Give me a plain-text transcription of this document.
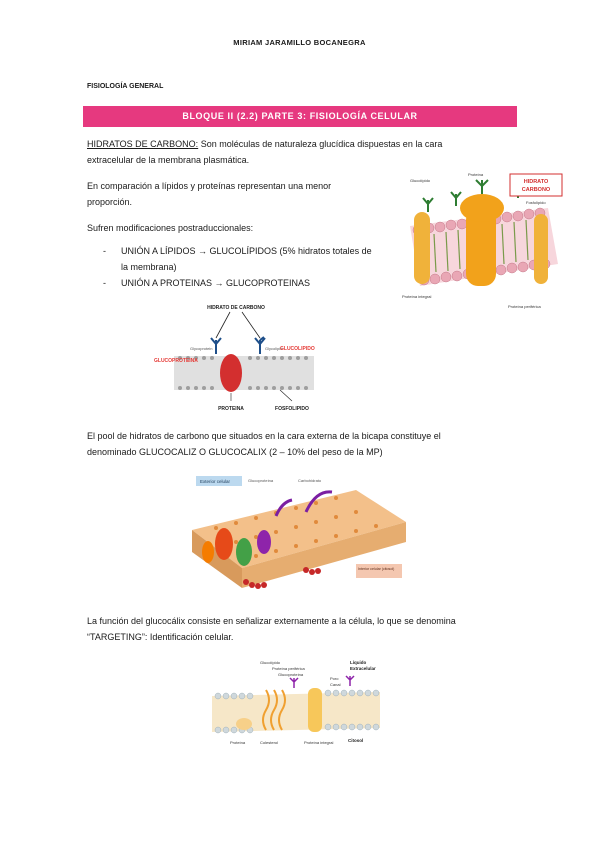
MIRIAM JARAMILLO BOCANEGRA
FISIOLOGÍA GENERAL
BLOQUE II (2.2) PARTE 3: FISIOLOGÍA CELULAR
HIDRATOS DE CARBONO: Son moléculas de naturaleza glucídica dispuestas en la cara
extracelular de la membrana plasmática.
En comparación a lípidos y proteínas representan una menor
proporción.
Sufren modificaciones postraduccionales:
-	UNIÓN A LÍPIDOS → GLUCOLÍPIDOS (5% hidratos totales de
la membrana)
-	UNIÓN A PROTEINAS → GLUCOPROTEINAS
HIDRATO
CARBONO
Glucolípido
Proteína
Fosfolípido
Proteína integral
Proteína periférica
HIDRATO DE CARBONO
Glycoprotein	Glycolipid
GLUCOPROTEINA
GLUCOLIPIDO
PROTEINA	FOSFOLIPIDO
El pool de hidratos de carbono que situados en la cara externa de la bicapa constituye el
denominado GLUCOCALIZ O GLUCOCALIX (2 – 10% del peso de la MP)
Exterior celular	Glucoproteína	Carbohidrato
Interior celular (citosol)
La función del glucocálix consiste en señalizar externamente a la célula, lo que se denomina
“TARGETING”: Identificación celular.
Glucolípido
Proteína periférica
Glucoproteína
Líquido
Extracelular
Poro
Canal
Citosol
Proteína	Colesterol	Proteína integral
